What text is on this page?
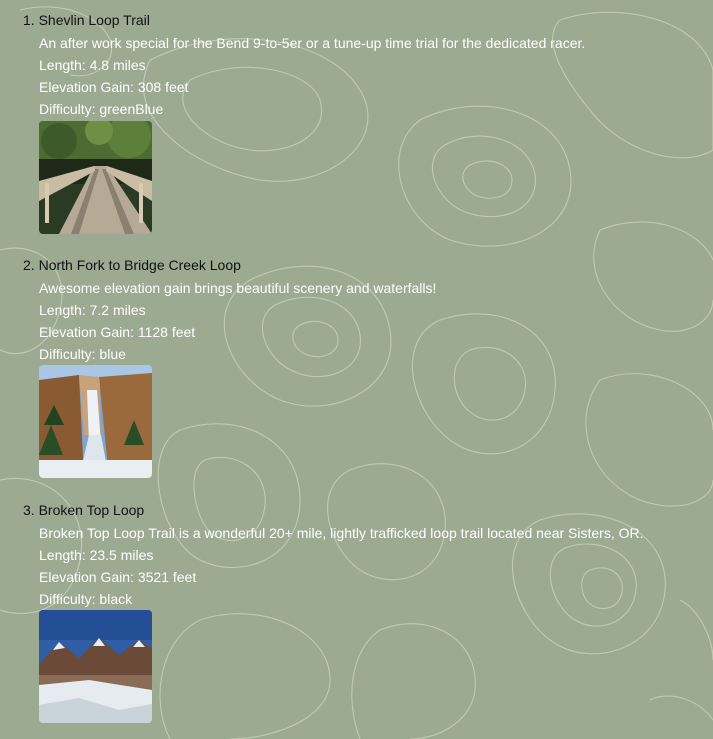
1. Shevlin Loop Trail
An after work special for the Bend 9-to-5er or a tune-up time trial for the dedicated racer.
Length: 4.8 miles
Elevation Gain: 308 feet
Difficulty: greenBlue
2. North Fork to Bridge Creek Loop
Awesome elevation gain brings beautiful scenery and waterfalls!
Length: 7.2 miles
Elevation Gain: 1128 feet
Difficulty: blue
3. Broken Top Loop
Broken Top Loop Trail is a wonderful 20+ mile, lightly trafficked loop trail located near Sisters, OR.
Length: 23.5 miles
Elevation Gain: 3521 feet
Difficulty: black
